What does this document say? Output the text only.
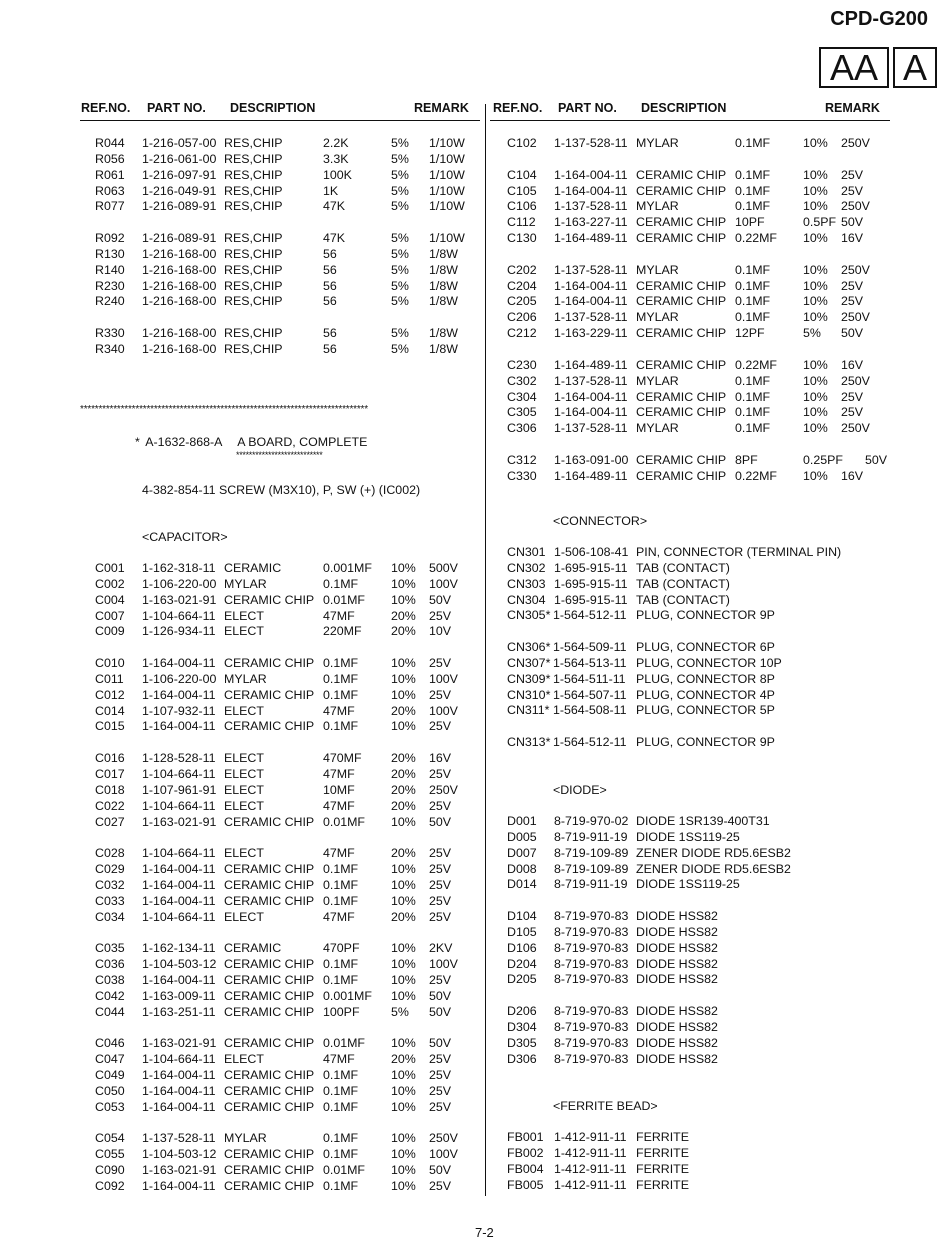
CPD-G200
AA A
REF.NO. PART NO. DESCRIPTION	REMARK REF.NO. PART NO. DESCRIPTION	REMARK
R044 1-216-057-00 RES,CHIP	2.2K	5% 1/10W
R056 1-216-061-00 RES,CHIP	3.3K	5% 1/10W
R061 1-216-097-91 RES,CHIP	100K	5% 1/10W
R063 1-216-049-91 RES,CHIP	1K	5% 1/10W
R077 1-216-089-91 RES,CHIP	47K	5% 1/10W
R092 1-216-089-91 RES,CHIP	47K	5% 1/10W
R130 1-216-168-00 RES,CHIP	56	5% 1/8W
R140 1-216-168-00 RES,CHIP	56	5% 1/8W
R230 1-216-168-00 RES,CHIP	56	5% 1/8W
R240 1-216-168-00 RES,CHIP	56	5% 1/8W
R330 1-216-168-00 RES,CHIP	56	5% 1/8W
R340 1-216-168-00 RES,CHIP	56	5% 1/8W
******************************************************************************
* A-1632-868-A A BOARD, COMPLETE
***************************
4-382-854-11 SCREW (M3X10), P, SW (+) (IC002)
<CAPACITOR>
C001 1-162-318-11 CERAMIC	0.001MF 10% 500V
C002 1-106-220-00 MYLAR	0.1MF	10% 100V
C004 1-163-021-91 CERAMIC CHIP 0.01MF 10% 50V
C007 1-104-664-11 ELECT	47MF	20% 25V
C009 1-126-934-11 ELECT	220MF 20% 10V
C010 1-164-004-11 CERAMIC CHIP 0.1MF	10% 25V
C011 1-106-220-00 MYLAR	0.1MF	10% 100V
C012 1-164-004-11 CERAMIC CHIP 0.1MF	10% 25V
C014 1-107-932-11 ELECT	47MF	20% 100V
C015 1-164-004-11 CERAMIC CHIP 0.1MF	10% 25V
C016 1-128-528-11 ELECT	470MF 20% 16V
C017 1-104-664-11 ELECT	47MF	20% 25V
C018 1-107-961-91 ELECT	10MF	20% 250V
C022 1-104-664-11 ELECT	47MF	20% 25V
C027 1-163-021-91 CERAMIC CHIP 0.01MF 10% 50V
C028 1-104-664-11 ELECT	47MF	20% 25V
C029 1-164-004-11 CERAMIC CHIP 0.1MF	10% 25V
C032 1-164-004-11 CERAMIC CHIP 0.1MF	10% 25V
C033 1-164-004-11 CERAMIC CHIP 0.1MF	10% 25V
C034 1-104-664-11 ELECT	47MF	20% 25V
C035 1-162-134-11 CERAMIC	470PF	10% 2KV
C036 1-104-503-12 CERAMIC CHIP 0.1MF	10% 100V
C038 1-164-004-11 CERAMIC CHIP 0.1MF	10% 25V
C042 1-163-009-11 CERAMIC CHIP 0.001MF 10% 50V
C044 1-163-251-11 CERAMIC CHIP 100PF	5% 50V
C046 1-163-021-91 CERAMIC CHIP 0.01MF 10% 50V
C047 1-104-664-11 ELECT	47MF	20% 25V
C049 1-164-004-11 CERAMIC CHIP 0.1MF	10% 25V
C050 1-164-004-11 CERAMIC CHIP 0.1MF	10% 25V
C053 1-164-004-11 CERAMIC CHIP 0.1MF	10% 25V
C054 1-137-528-11 MYLAR	0.1MF	10% 250V
C055 1-104-503-12 CERAMIC CHIP 0.1MF	10% 100V
C090 1-163-021-91 CERAMIC CHIP 0.01MF 10% 50V
C092 1-164-004-11 CERAMIC CHIP 0.1MF	10% 25V
C102 1-137-528-11 MYLAR	0.1MF	10% 250V
C104 1-164-004-11 CERAMIC CHIP 0.1MF	10% 25V
C105 1-164-004-11 CERAMIC CHIP 0.1MF	10% 25V
C106 1-137-528-11 MYLAR	0.1MF	10% 250V
C112 1-163-227-11 CERAMIC CHIP 10PF	0.5PF 50V
C130 1-164-489-11 CERAMIC CHIP 0.22MF 10% 16V
C202 1-137-528-11 MYLAR	0.1MF	10% 250V
C204 1-164-004-11 CERAMIC CHIP 0.1MF	10% 25V
C205 1-164-004-11 CERAMIC CHIP 0.1MF	10% 25V
C206 1-137-528-11 MYLAR	0.1MF	10% 250V
C212 1-163-229-11 CERAMIC CHIP 12PF	5% 50V
C230 1-164-489-11 CERAMIC CHIP 0.22MF 10% 16V
C302 1-137-528-11 MYLAR	0.1MF	10% 250V
C304 1-164-004-11 CERAMIC CHIP 0.1MF	10% 25V
C305 1-164-004-11 CERAMIC CHIP 0.1MF	10% 25V
C306 1-137-528-11 MYLAR	0.1MF	10% 250V
C312 1-163-091-00 CERAMIC CHIP 8PF	0.25PF 50V
C330 1-164-489-11 CERAMIC CHIP 0.22MF 10% 16V
<CONNECTOR>
CN301 1-506-108-41 PIN, CONNECTOR (TERMINAL PIN)
CN302 1-695-915-11 TAB (CONTACT)
CN303 1-695-915-11 TAB (CONTACT)
CN304 1-695-915-11 TAB (CONTACT)
CN305* 1-564-512-11 PLUG, CONNECTOR 9P
CN306* 1-564-509-11 PLUG, CONNECTOR 6P
CN307* 1-564-513-11 PLUG, CONNECTOR 10P
CN309* 1-564-511-11 PLUG, CONNECTOR 8P
CN310* 1-564-507-11 PLUG, CONNECTOR 4P
CN311* 1-564-508-11 PLUG, CONNECTOR 5P
CN313* 1-564-512-11 PLUG, CONNECTOR 9P
<DIODE>
D001 8-719-970-02 DIODE 1SR139-400T31
D005 8-719-911-19 DIODE 1SS119-25
D007 8-719-109-89 ZENER DIODE RD5.6ESB2
D008 8-719-109-89 ZENER DIODE RD5.6ESB2
D014 8-719-911-19 DIODE 1SS119-25
D104 8-719-970-83 DIODE HSS82
D105 8-719-970-83 DIODE HSS82
D106 8-719-970-83 DIODE HSS82
D204 8-719-970-83 DIODE HSS82
D205 8-719-970-83 DIODE HSS82
D206 8-719-970-83 DIODE HSS82
D304 8-719-970-83 DIODE HSS82
D305 8-719-970-83 DIODE HSS82
D306 8-719-970-83 DIODE HSS82
<FERRITE BEAD>
FB001 1-412-911-11 FERRITE
FB002 1-412-911-11 FERRITE
FB004 1-412-911-11 FERRITE
FB005 1-412-911-11 FERRITE
7-2
